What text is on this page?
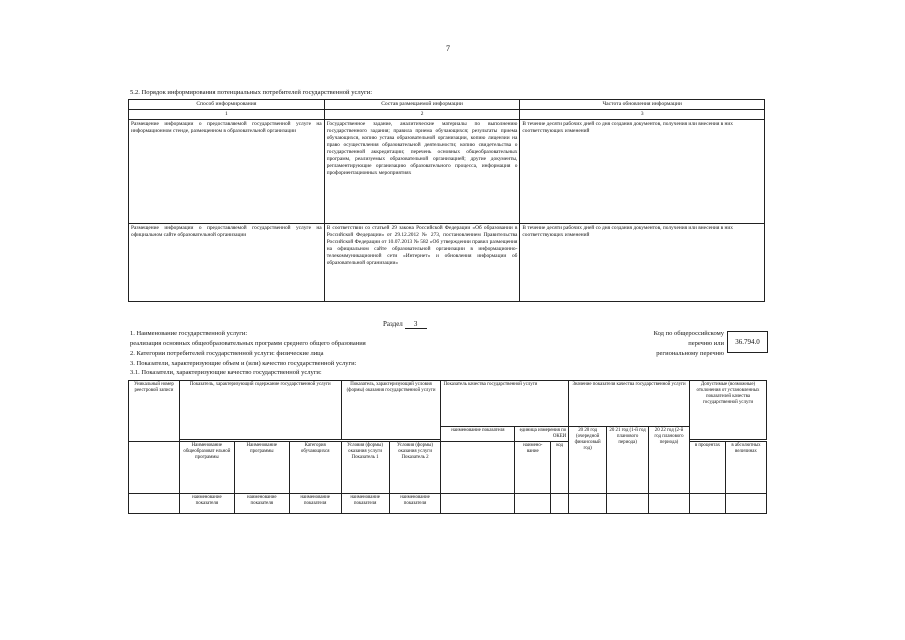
7
5.2. Порядок информирования потенциальных потребителей государственной услуги:
Способ информирования	Состав размещаемой информации	Частота обновления информации
1	2	3
Размещение информации о предоставляемой государственной услуге на информационном стенде, размещенном в образовательной организации	Государственное задание, аналитические материалы по выполнению государственного задания; правила приема обучающихся; результаты приема обучающихся, копию устава образовательной организации, копию лицензии на право осуществления образовательной деятельности; копию свидетельства о государственной аккредитации; перечень основных общеобразовательных программ, реализуемых образовательной организацией; другие документы, регламентирующие организацию образовательного процесса, информация о профориентационных мероприятиях	В течение десяти рабочих дней со дня создания документов, получения или внесения в них соответствующих изменений
Размещение информации о предоставляемой государственной услуге на официальном сайте образовательной организации	В соответствии со статьей 29 закона Российской Федерации «Об образовании в Российской Федерации» от 29.12.2012 № 273, постановлением Правительства Российской Федерации от 10.07.2013 № 582 «Об утверждении правил размещения на официальном сайте образовательной организации в информационно-телекоммуникационной сети «Интернет» и обновления информации об образовательной организации»	В течение десяти рабочих дней со дня создания документов, получения или внесения в них соответствующих изменений
Раздел 3
1. Наименование государственной услуги:
реализация основных общеобразовательных программ среднего общего образования
2. Категории потребителей государственной услуги: физические лица
3. Показатели, характеризующие объем и (или) качество государственной услуги:
3.1. Показатели, характеризующие качество государственной услуги:
Код по общероссийскому
перечню или
региональному перечню
36.794.0
Уникальный номер реестровой записи	Показатель, характеризующий содержание государственной услуги			Показатель, характеризующий условия (формы) оказания государственной услуги		Показатель качества государственной услуги			Значение показателя качества государственной услуги			Допустимые (возможные) отклонения от установленных показателей качества государственной услуги	
						наименование показателя	единица измерения по ОКЕИ		20 20 год (очередной финансовый год)	20 21 год (1-й год планового периода)	20 22 год (2-й год планового периода)		

	Наименование общеобразоват ельной программы	Наименование программы	Категория обучающихся	Условия (формы) оказания услуги Показатель 1	Условия (формы) оказания услуги Показатель 2		наимено-вание	код				в процентах	в абсолютных величинах
	наименование показателя	наименование показателя	наименование показателя	наименование показателя	наименование показателя								
